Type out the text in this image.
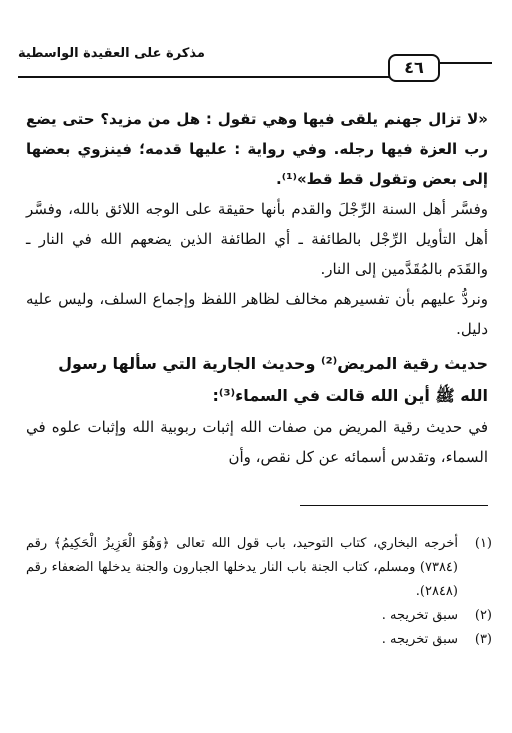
مذكرة على العقيدة الواسطية
٤٦

«لا تزال جهنم يلقى فيها وهي تقول : هل من مزيد؟ حتى يضع رب العزة فيها رجله. وفي رواية : عليها قدمه؛ فينزوي بعضها إلى بعض وتقول قط قط»⁽¹⁾.

وفسَّر أهل السنة الرِّجْلَ والقدم بأنها حقيقة على الوجه اللائق بالله، وفسَّر أهل التأويل الرِّجْل بالطائفة ـ أي الطائفة الذين يضعهم الله في النار ـ والقَدَم بالمُقَدَّمين إلى النار.

ونردُّ عليهم بأن تفسيرهم مخالف لظاهر اللفظ وإجماع السلف، وليس عليه دليل.

حديث رقية المريض⁽²⁾ وحديث الجارية التي سألها رسول الله ﷺ أين الله قالت في السماء⁽³⁾:

في حديث رقية المريض من صفات الله إثبات ربوبية الله وإثبات علوه في السماء، وتقدس أسمائه عن كل نقص، وأن

(١)
أخرجه البخاري، كتاب التوحيد، باب قول الله تعالى ﴿وَهُوَ الْعَزِيزُ الْحَكِيمُ﴾ رقم (٧٣٨٤) ومسلم، كتاب الجنة باب النار يدخلها الجبارون والجنة يدخلها الضعفاء رقم (٢٨٤٨).
(٢)
سبق تخريجه .
(٣)
سبق تخريجه .
